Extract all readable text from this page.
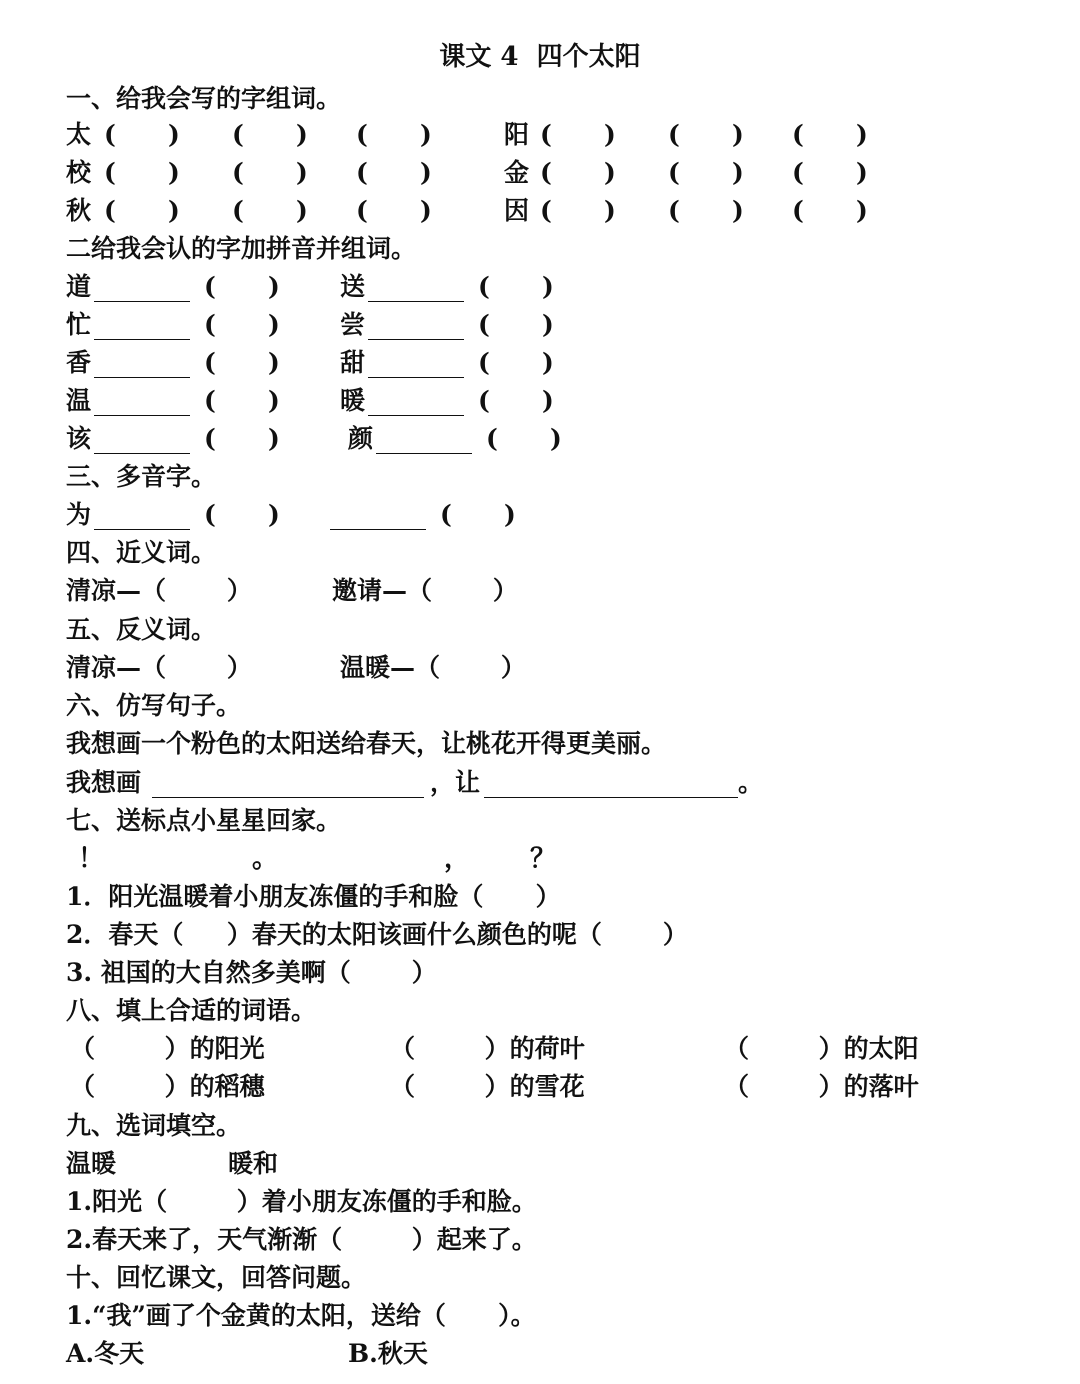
课文 4  四个太阳
一、给我会写的字组词。
太 (      ) (      ) (      )	阳 (      ) (      ) (      )
校 (      ) (      ) (      )	金 (      ) (      ) (      )
秋 (      ) (      ) (      )	因 (      ) (      ) (      )
二给我会认的字加拼音并组词。
道	(      ) 送	(      )
忙	(      ) 尝	(      )
香	(      ) 甜	(      )
温	(      ) 暖	(      )
该	(      )	颜	(      )
三、多音字。
为	(      )	(      )
四、近义词。
清凉—（       ）	邀请—（       ）
五、反义词。
清凉—（       ）	温暖—（       ）
六、仿写句子。
我想画一个粉色的太阳送给春天，让桃花开得更美丽。
我想画	，让	。
七、送标点小星星回家。
！	。	， ？
1．阳光温暖着小朋友冻僵的手和脸（      ）
2．春天（     ）春天的太阳该画什么颜色的呢（       ）
3. 祖国的大自然多美啊（       ）
八、填上合适的词语。
（        ）的阳光	（        ）的荷叶	（        ）的太阳
（        ）的稻穗	（        ）的雪花	（        ）的落叶
九、选词填空。
温暖	暖和
1.阳光（        ）着小朋友冻僵的手和脸。
2.春天来了，天气渐渐（        ）起来了。
十、回忆课文，回答问题。
1.“我”画了个金黄的太阳，送给（      ）。
A.冬天	B.秋天
